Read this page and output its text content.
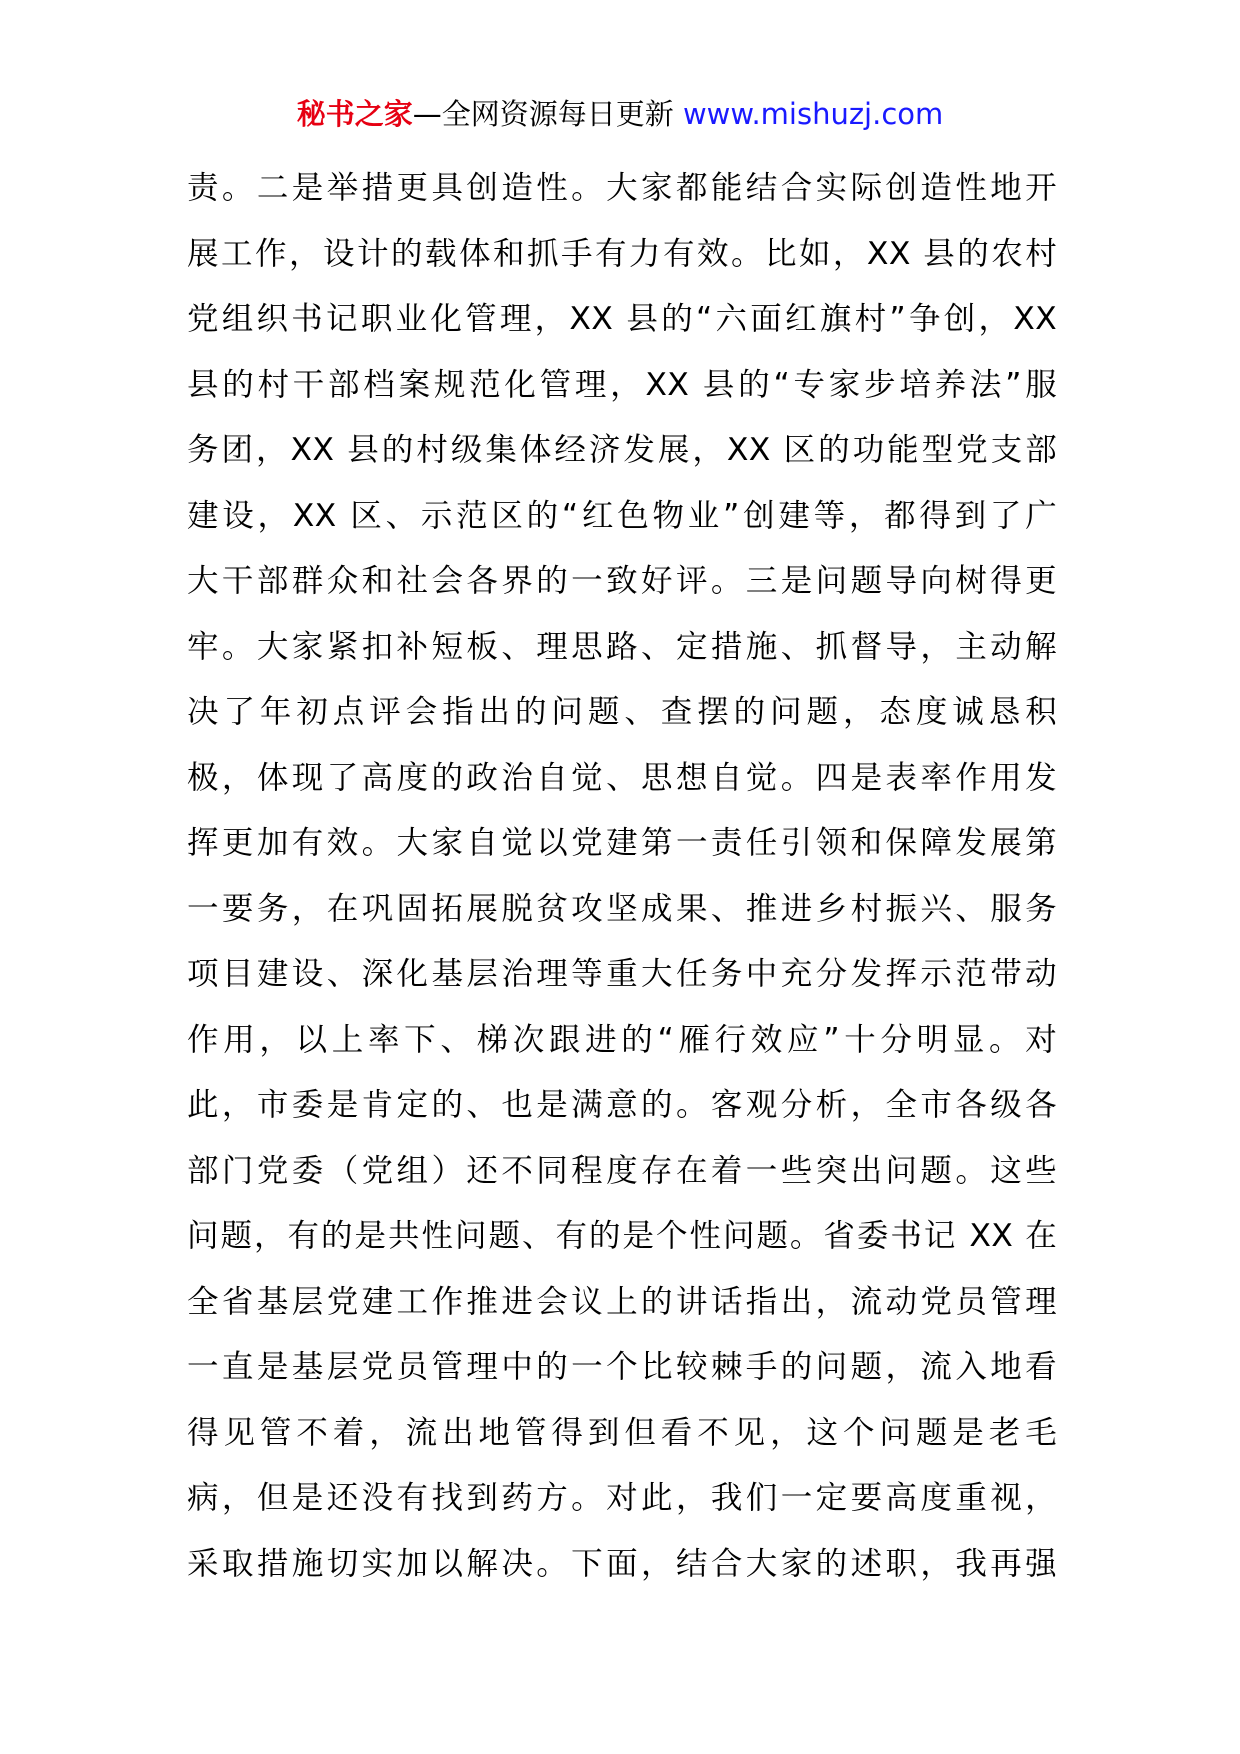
秘书之家—全网资源每日更新 www.mishuzj.com
责。二是举措更具创造性。大家都能结合实际创造性地开
展工作，设计的载体和抓手有力有效。比如，XX 县的农村
党组织书记职业化管理，XX 县的“六面红旗村”争创，XX
县的村干部档案规范化管理，XX 县的“专家步培养法”服
务团，XX 县的村级集体经济发展，XX 区的功能型党支部
建设，XX 区、示范区的“红色物业”创建等，都得到了广
大干部群众和社会各界的一致好评。三是问题导向树得更
牢。大家紧扣补短板、理思路、定措施、抓督导，主动解
决了年初点评会指出的问题、查摆的问题，态度诚恳积
极，体现了高度的政治自觉、思想自觉。四是表率作用发
挥更加有效。大家自觉以党建第一责任引领和保障发展第
一要务，在巩固拓展脱贫攻坚成果、推进乡村振兴、服务
项目建设、深化基层治理等重大任务中充分发挥示范带动
作用，以上率下、梯次跟进的“雁行效应”十分明显。对
此，市委是肯定的、也是满意的。客观分析，全市各级各
部门党委（党组）还不同程度存在着一些突出问题。这些
问题，有的是共性问题、有的是个性问题。省委书记 XX 在
全省基层党建工作推进会议上的讲话指出，流动党员管理
一直是基层党员管理中的一个比较棘手的问题，流入地看
得见管不着，流出地管得到但看不见，这个问题是老毛
病，但是还没有找到药方。对此，我们一定要高度重视，
采取措施切实加以解决。下面，结合大家的述职，我再强
